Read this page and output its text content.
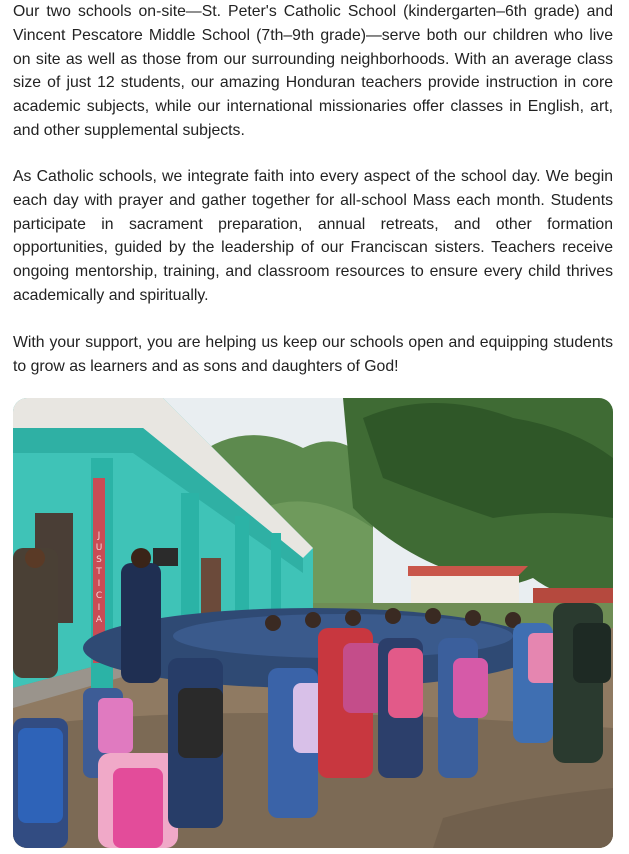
Our two schools on-site—St. Peter's Catholic School (kindergarten–6th grade) and Vincent Pescatore Middle School (7th–9th grade)—serve both our children who live on site as well as those from our surrounding neighborhoods. With an average class size of just 12 students, our amazing Honduran teachers provide instruction in core academic subjects, while our international missionaries offer classes in English, art, and other supplemental subjects.

As Catholic schools, we integrate faith into every aspect of the school day. We begin each day with prayer and gather together for all-school Mass each month. Students participate in sacrament preparation, annual retreats, and other formation opportunities, guided by the leadership of our Franciscan sisters. Teachers receive ongoing mentorship, training, and classroom resources to ensure every child thrives academically and spiritually.

With your support, you are helping us keep our schools open and equipping students to grow as learners and as sons and daughters of God!

J U S T I C I A
